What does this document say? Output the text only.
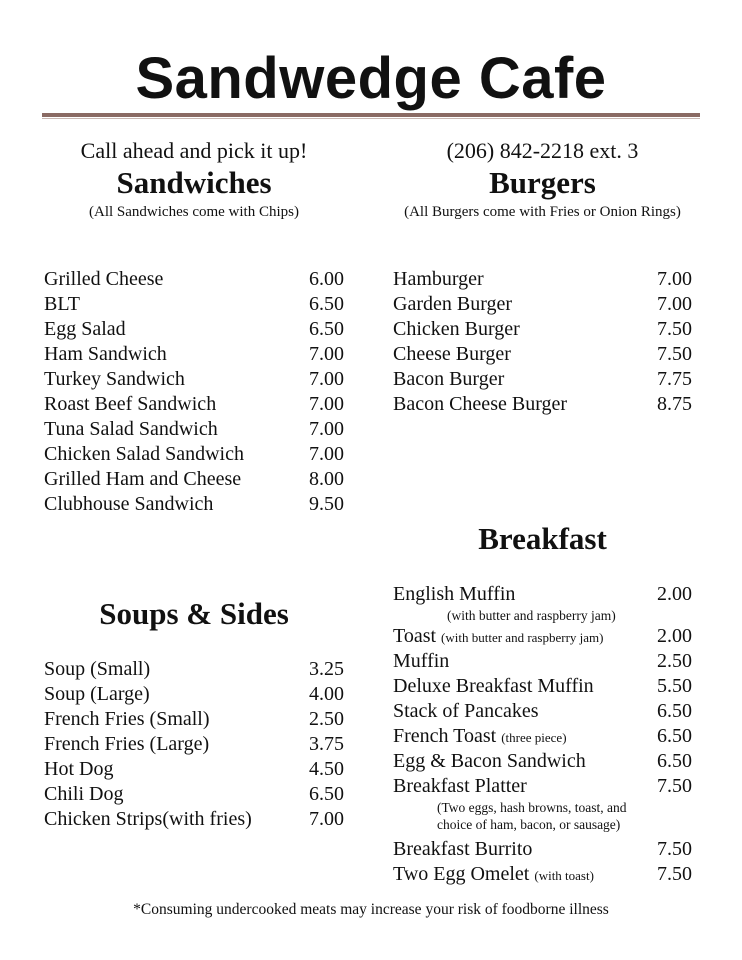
Sandwedge Cafe
Call ahead and pick it up!
Sandwiches
(All Sandwiches come with Chips)
(206) 842-2218 ext. 3
Burgers
(All Burgers come with Fries or Onion Rings)
Grilled Cheese	6.00
BLT	6.50
Egg Salad	6.50
Ham Sandwich	7.00
Turkey Sandwich	7.00
Roast Beef Sandwich	7.00
Tuna Salad Sandwich	7.00
Chicken Salad Sandwich	7.00
Grilled Ham and Cheese	8.00
Clubhouse Sandwich	9.50
Hamburger	7.00
Garden Burger	7.00
Chicken Burger	7.50
Cheese Burger	7.50
Bacon Burger	7.75
Bacon Cheese Burger	8.75
Breakfast
Soups & Sides
Soup (Small)	3.25
Soup (Large)	4.00
French Fries (Small)	2.50
French Fries (Large)	3.75
Hot Dog	4.50
Chili Dog	6.50
Chicken Strips(with fries)	7.00
English Muffin	2.00
(with butter and raspberry jam)
Toast (with butter and raspberry jam)	2.00
Muffin	2.50
Deluxe Breakfast Muffin	5.50
Stack of Pancakes	6.50
French Toast (three piece)	6.50
Egg & Bacon Sandwich	6.50
Breakfast Platter	7.50
(Two eggs, hash browns, toast, and
choice of ham, bacon, or sausage)
Breakfast Burrito	7.50
Two Egg Omelet (with toast)	7.50
*Consuming undercooked meats may increase your risk of foodborne illness
